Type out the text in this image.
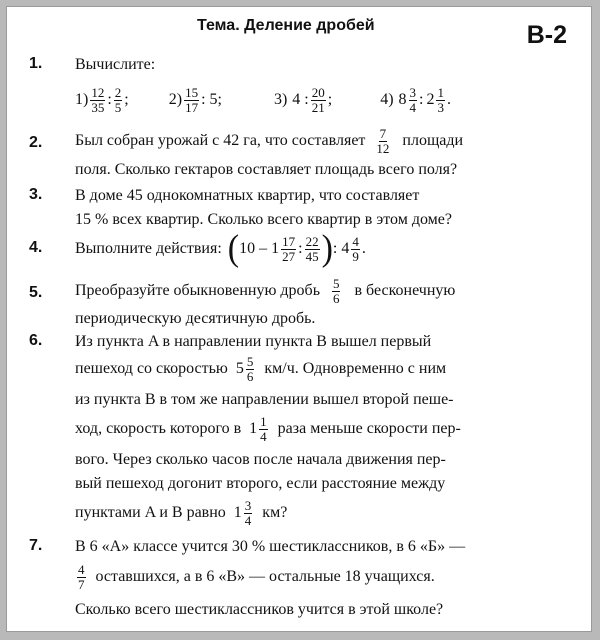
Тема. Деление дробей	В-2
1. Вычислите:
$1) \frac{12}{35}$ : $\frac{2}{5}$ ;	$2) \frac{15}{17}$ : 5;	3) 4 : $\frac{20}{21}$ ;	4) $8 \frac{3}{4}$ : $2 \frac{1}{3}$ .
2. Был собран урожай с 42 га, что составляет $\frac{7}{12}$ площади
поля. Сколько гектаров составляет площадь всего поля?
3. В доме 45 однокомнатных квартир, что составляет
15 % всех квартир. Сколько всего квартир в этом доме?
4. Выполните действия: ( $10 - 1 \frac{17}{27}$ : $\frac{22}{45}$ ) : $4 \frac{4}{9}$ .
5. Преобразуйте обыкновенную дробь $\frac{5}{6}$ в бесконечную
периодическую десятичную дробь.
6. Из пункта A в направлении пункта B вышел первый
пешеход со скоростью $5 \frac{5}{6} км/ч$. Одновременно с ним
из пункта B в том же направлении вышел второй пеше-
ход, скорость которого в $1 \frac{1}{4}$ раза меньше скорости пер-
вого. Через сколько часов после начала движения пер-
вый пешеход догонит второго, если расстояние между
пунктами A и B равно $1 \frac{3}{4}$ км?
7. В 6 «А» классе учится 30 % шестиклассников, в 6 «Б» —
$\frac{4}{7}$ оставшихся, а в 6 «В» — остальные 18 учащихся.
Сколько всего шестиклассников учится в этой школе?
